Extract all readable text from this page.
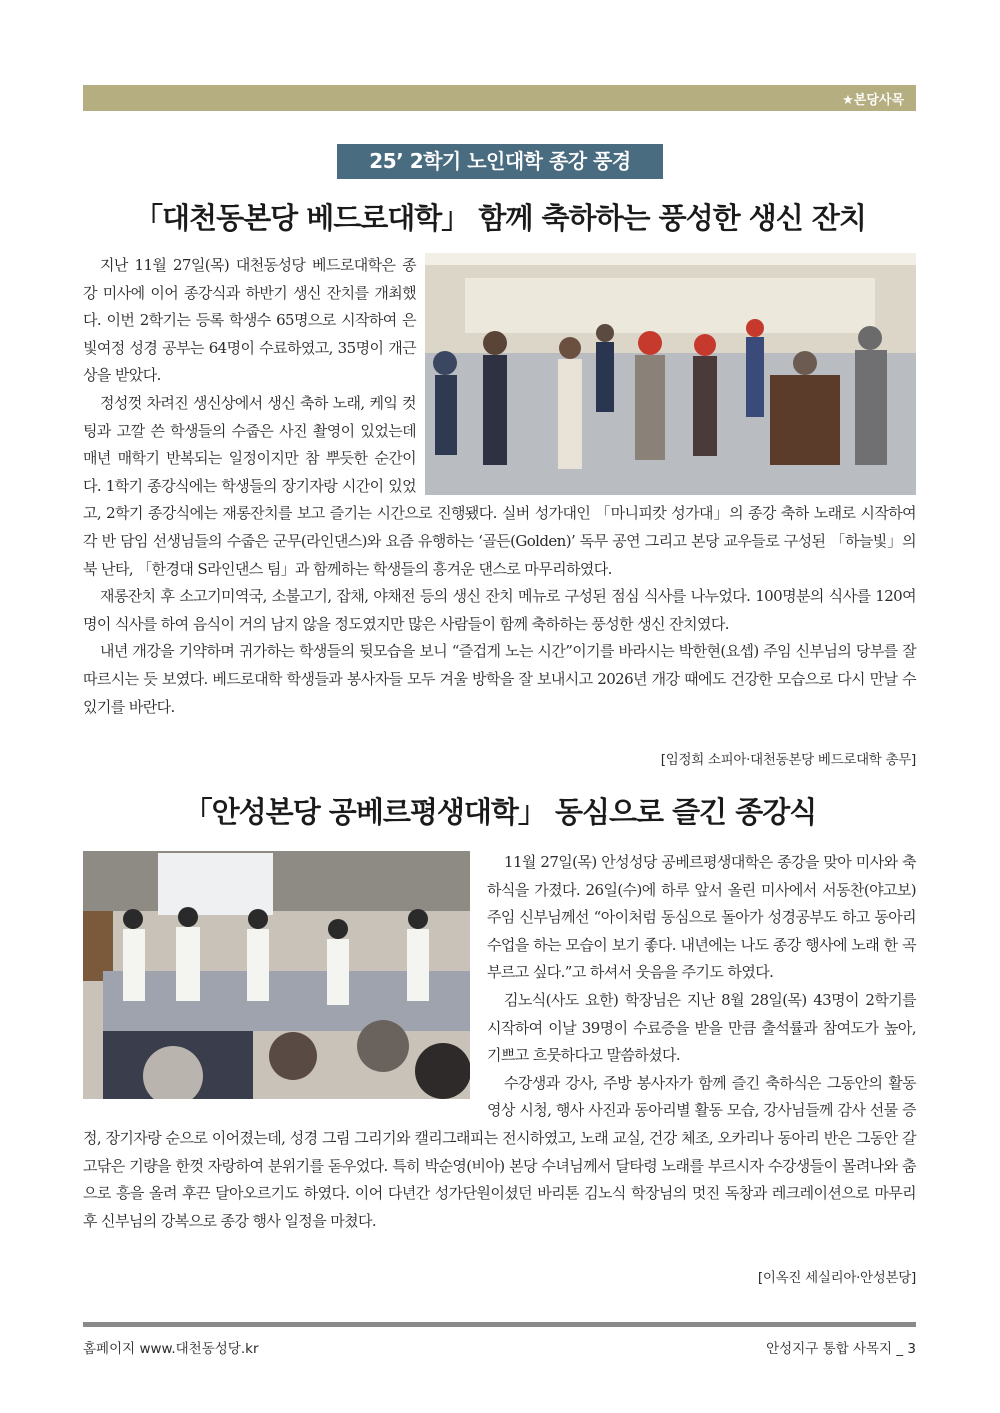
★본당사목
25’ 2학기 노인대학 종강 풍경
「대천동본당 베드로대학」 함께 축하하는 풍성한 생신 잔치

지난 11월 27일(목) 대천동성당 베드로대학은 종강 미사에 이어 종강식과 하반기 생신 잔치를 개최했다. 이번 2학기는 등록 학생수 65명으로 시작하여 은빛여정 성경 공부는 64명이 수료하였고, 35명이 개근상을 받았다.

정성껏 차려진 생신상에서 생신 축하 노래, 케잌 컷팅과 고깔 쓴 학생들의 수줍은 사진 촬영이 있었는데 매년 매학기 반복되는 일정이지만 참 뿌듯한 순간이다. 1학기 종강식에는 학생들의 장기자랑 시간이 있었고, 2학기 종강식에는 재롱잔치를 보고 즐기는 시간으로 진행됐다. 실버 성가대인 「마니피캇 성가대」의 종강 축하 노래로 시작하여 각 반 담임 선생님들의 수줍은 군무(라인댄스)와 요즘 유행하는 ‘골든(Golden)’ 독무 공연 그리고 본당 교우들로 구성된 「하늘빛」의 북 난타, 「한경대 S라인댄스 팀」과 함께하는 학생들의 흥겨운 댄스로 마무리하였다.

재롱잔치 후 소고기미역국, 소불고기, 잡채, 야채전 등의 생신 잔치 메뉴로 구성된 점심 식사를 나누었다. 100명분의 식사를 120여 명이 식사를 하여 음식이 거의 남지 않을 정도였지만 많은 사람들이 함께 축하하는 풍성한 생신 잔치였다.

내년 개강을 기약하며 귀가하는 학생들의 뒷모습을 보니 “즐겁게 노는 시간”이기를 바라시는 박한현(요셉) 주임 신부님의 당부를 잘 따르시는 듯 보였다. 베드로대학 학생들과 봉사자들 모두 겨울 방학을 잘 보내시고 2026년 개강 때에도 건강한 모습으로 다시 만날 수 있기를 바란다.

[임정희 소피아·대천동본당 베드로대학 총무]
「안성본당 공베르평생대학」 동심으로 즐긴 종강식

11월 27일(목) 안성성당 공베르평생대학은 종강을 맞아 미사와 축하식을 가졌다. 26일(수)에 하루 앞서 올린 미사에서 서동찬(야고보) 주임 신부님께선 “아이처럼 동심으로 돌아가 성경공부도 하고 동아리 수업을 하는 모습이 보기 좋다. 내년에는 나도 종강 행사에 노래 한 곡 부르고 싶다.”고 하셔서 웃음을 주기도 하였다.

김노식(사도 요한) 학장님은 지난 8월 28일(목) 43명이 2학기를 시작하여 이날 39명이 수료증을 받을 만큼 출석률과 참여도가 높아, 기쁘고 흐뭇하다고 말씀하셨다.

수강생과 강사, 주방 봉사자가 함께 즐긴 축하식은 그동안의 활동 영상 시청, 행사 사진과 동아리별 활동 모습, 강사님들께 감사 선물 증정, 장기자랑 순으로 이어졌는데, 성경 그림 그리기와 캘리그래피는 전시하였고, 노래 교실, 건강 체조, 오카리나 동아리 반은 그동안 갈고닦은 기량을 한껏 자랑하여 분위기를 돋우었다. 특히 박순영(비아) 본당 수녀님께서 달타령 노래를 부르시자 수강생들이 몰려나와 춤으로 흥을 올려 후끈 달아오르기도 하였다. 이어 다년간 성가단원이셨던 바리톤 김노식 학장님의 멋진 독창과 레크레이션으로 마무리 후 신부님의 강복으로 종강 행사 일정을 마쳤다.

[이옥진 세실리아·안성본당]
홈페이지 www.대천동성당.kr	안성지구 통합 사목지 _ 3
